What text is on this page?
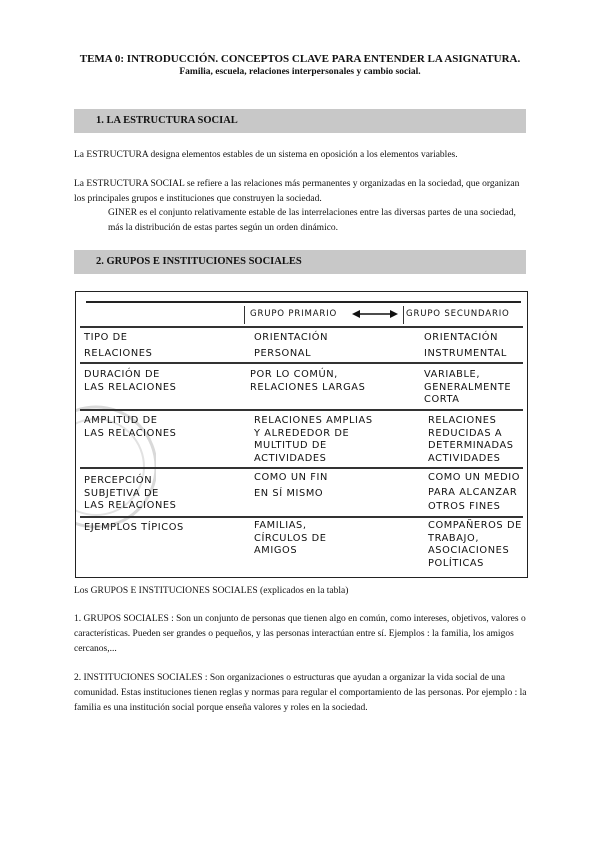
TEMA 0: INTRODUCCIÓN. CONCEPTOS CLAVE PARA ENTENDER LA ASIGNATURA.
Familia, escuela, relaciones interpersonales y cambio social.
1. LA ESTRUCTURA SOCIAL

La ESTRUCTURA designa elementos estables de un sistema en oposición a los elementos variables.

La ESTRUCTURA SOCIAL se refiere a las relaciones más permanentes y organizadas en la sociedad, que organizan los principales grupos e instituciones que construyen la sociedad.

GINER es el conjunto relativamente estable de las interrelaciones entre las diversas partes de una sociedad, más la distribución de estas partes según un orden dinámico.

2. GRUPOS E INSTITUCIONES SOCIALES
GRUPO PRIMARIO	GRUPO SECUNDARIO
TIPO DE
RELACIONES
ORIENTACIÓN
PERSONAL
ORIENTACIÓN
INSTRUMENTAL
DURACIÓN DE
LAS RELACIONES
POR LO COMÚN,
RELACIONES LARGAS
VARIABLE,
GENERALMENTE
CORTA
AMPLITUD DE
LAS RELACIONES
RELACIONES AMPLIAS
Y ALREDEDOR DE
MULTITUD DE
ACTIVIDADES
RELACIONES
REDUCIDAS A
DETERMINADAS
ACTIVIDADES
PERCEPCIÓN
SUBJETIVA DE
LAS RELACIONES
COMO UN FIN
EN SÍ MISMO
COMO UN MEDIO
PARA ALCANZAR
OTROS FINES
EJEMPLOS TÍPICOS	FAMILIAS,
CÍRCULOS DE
AMIGOS
COMPAÑEROS DE
TRABAJO,
ASOCIACIONES
POLÍTICAS

Los GRUPOS E INSTITUCIONES SOCIALES (explicados en la tabla)

1. GRUPOS SOCIALES : Son un conjunto de personas que tienen algo en común, como intereses, objetivos, valores o características. Pueden ser grandes o pequeños, y las personas interactúan entre sí. Ejemplos : la familia, los amigos cercanos,...

2. INSTITUCIONES SOCIALES : Son organizaciones o estructuras que ayudan a organizar la vida social de una comunidad. Estas instituciones tienen reglas y normas para regular el comportamiento de las personas. Por ejemplo : la familia es una institución social porque enseña valores y roles en la sociedad.
